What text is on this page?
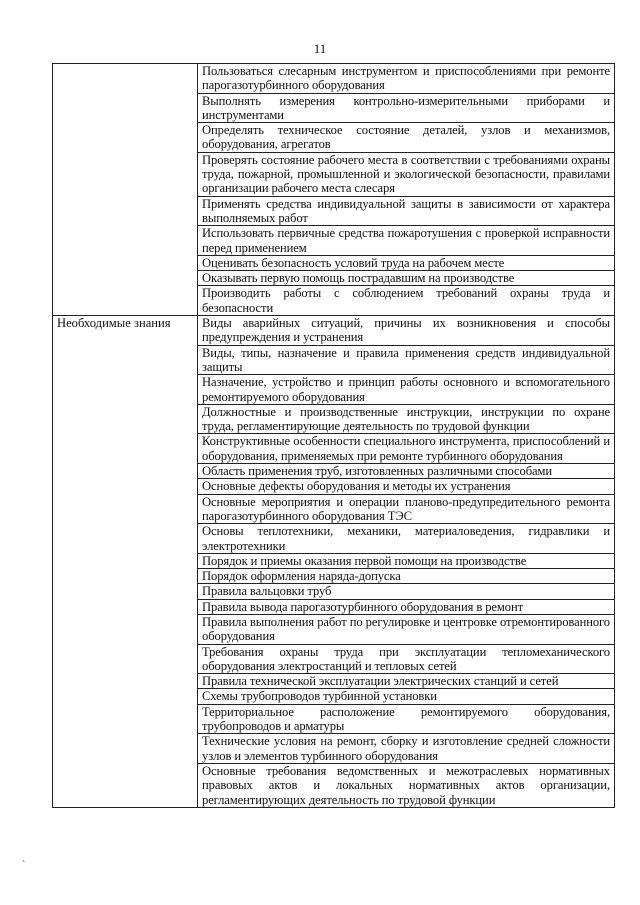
11
	Пользоваться слесарным инструментом и приспособлениями при ремонте парогазотурбинного оборудования
	Выполнять измерения контрольно-измерительными приборами и инструментами
	Определять техническое состояние деталей, узлов и механизмов, оборудования, агрегатов
	Проверять состояние рабочего места в соответствии с требованиями охраны труда, пожарной, промышленной и экологической безопасности, правилами организации рабочего места слесаря
	Применять средства индивидуальной защиты в зависимости от характера выполняемых работ
	Использовать первичные средства пожаротушения с проверкой исправности перед применением
	Оценивать безопасность условий труда на рабочем месте
	Оказывать первую помощь пострадавшим на производстве
	Производить работы с соблюдением требований охраны труда и безопасности
Необходимые знания	Виды аварийных ситуаций, причины их возникновения и способы предупреждения и устранения
	Виды, типы, назначение и правила применения средств индивидуальной защиты
	Назначение, устройство и принцип работы основного и вспомогательного ремонтируемого оборудования
	Должностные и производственные инструкции, инструкции по охране труда, регламентирующие деятельность по трудовой функции
	Конструктивные особенности специального инструмента, приспособлений и оборудования, применяемых при ремонте турбинного оборудования
	Область применения труб, изготовленных различными способами
	Основные дефекты оборудования и методы их устранения
	Основные мероприятия и операции планово-предупредительного ремонта парогазотурбинного оборудования ТЭС
	Основы теплотехники, механики, материаловедения, гидравлики и электротехники
	Порядок и приемы оказания первой помощи на производстве
	Порядок оформления наряда-допуска
	Правила вальцовки труб
	Правила вывода парогазотурбинного оборудования в ремонт
	Правила выполнения работ по регулировке и центровке отремонтированного оборудования
	Требования охраны труда при эксплуатации тепломеханического оборудования электростанций и тепловых сетей
	Правила технической эксплуатации электрических станций и сетей
	Схемы трубопроводов турбинной установки
	Территориальное расположение ремонтируемого оборудования, трубопроводов и арматуры
	Технические условия на ремонт, сборку и изготовление средней сложности узлов и элементов турбинного оборудования
	Основные требования ведомственных и межотраслевых нормативных правовых актов и локальных нормативных актов организации, регламентирующих деятельность по трудовой функции
`
